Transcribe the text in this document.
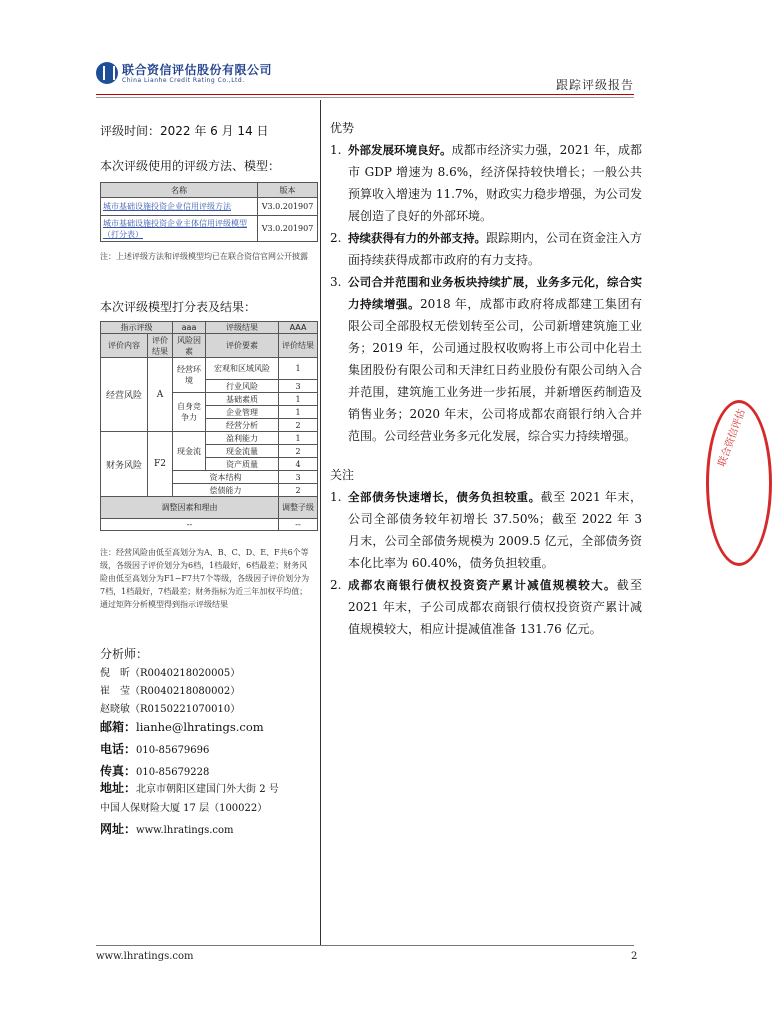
联合资信评估股份有限公司
China Lianhe Credit Rating Co.,Ltd.	跟踪评级报告
评级时间：2022 年 6 月 14 日
本次评级使用的评级方法、模型：
名称	版本
城市基础设施投资企业信用评级方法	V3.0.201907
城市基础设施投资企业主体信用评级模型（打分表）	V3.0.201907
注：上述评级方法和评级模型均已在联合资信官网公开披露
本次评级模型打分表及结果：
指示评级		aaa	评级结果	AAA
评价内容	评价结果	风险因素	评价要素	评价结果
经营风险	A	经营环境	宏观和区域风险	1
			行业风险	3
		自身竞争力	基础素质	1
			企业管理	1
			经营分析	2
财务风险	F2	现金流	盈利能力	1
			现金流量	2
			资产质量	4
		资本结构		3
		偿债能力		2
调整因素和理由				调整子级
--				--
注：经营风险由低至高划分为A、B、C、D、E、F共6个等级，各级因子评价划分为6档，1档最好，6档最差；财务风险由低至高划分为F1−F7共7个等级，各级因子评价划分为7档，1档最好，7档最差；财务指标为近三年加权平均值；通过矩阵分析模型得到指示评级结果
分析师：
倪　昕（R0040218020005）
崔　莹（R0040218080002）
赵晓敏（R0150221070010）
邮箱：lianhe@lhratings.com
电话：010-85679696
传真：010-85679228
地址：北京市朝阳区建国门外大街 2 号
中国人保财险大厦 17 层（100022）
网址：www.lhratings.com
优势
1. 外部发展环境良好。成都市经济实力强，2021 年，成都市 GDP 增速为 8.6%，经济保持较快增长；一般公共预算收入增速为 11.7%，财政实力稳步增强，为公司发展创造了良好的外部环境。
2. 持续获得有力的外部支持。跟踪期内，公司在资金注入方面持续获得成都市政府的有力支持。
3. 公司合并范围和业务板块持续扩展，业务多元化，综合实力持续增强。2018 年，成都市政府将成都建工集团有限公司全部股权无偿划转至公司，公司新增建筑施工业务；2019 年，公司通过股权收购将上市公司中化岩土集团股份有限公司和天津红日药业股份有限公司纳入合并范围，建筑施工业务进一步拓展，并新增医药制造及销售业务；2020 年末，公司将成都农商银行纳入合并范围。公司经营业务多元化发展，综合实力持续增强。
关注
1. 全部债务快速增长，债务负担较重。截至 2021 年末，公司全部债务较年初增长 37.50%；截至 2022 年 3 月末，公司全部债务规模为 2009.5 亿元，全部债务资本化比率为 60.40%，债务负担较重。
2. 成都农商银行债权投资资产累计减值规模较大。截至 2021 年末，子公司成都农商银行债权投资资产累计减值规模较大，相应计提减值准备 131.76 亿元。
联合资信评估
www.lhratings.com	2
